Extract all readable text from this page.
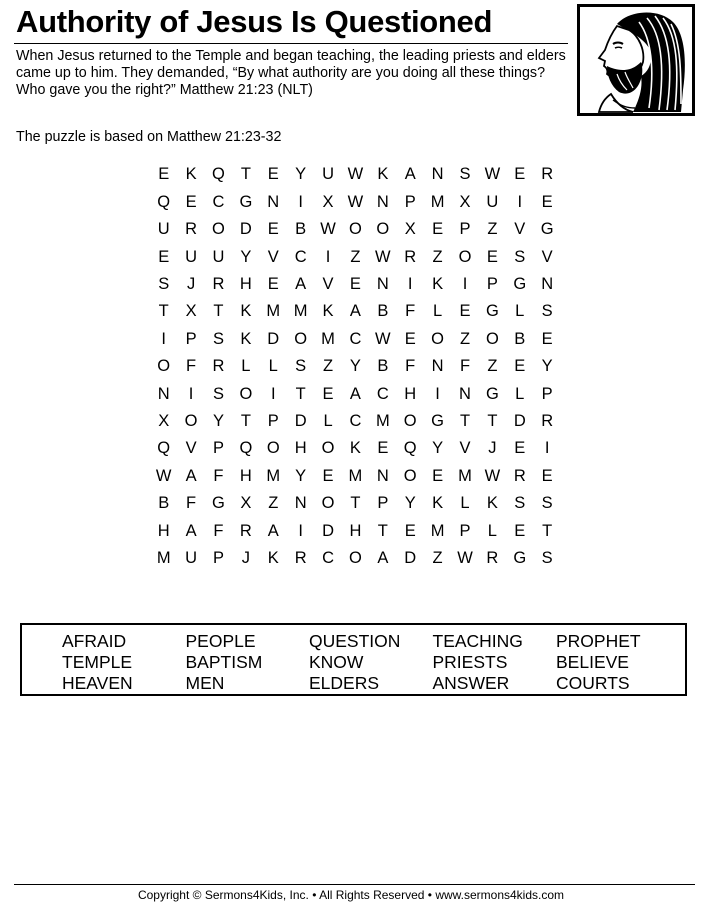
Authority of Jesus Is Questioned

When Jesus returned to the Temple and began teaching, the leading priests and elders came up to him. They demanded, “By what authority are you doing all these things? Who gave you the right?” Matthew 21:23 (NLT)

The puzzle is based on Matthew 21:23-32

E K Q T	E Y U W K A N S W E R
Q E C G N	I	X W N P M X U	I	E
U R O D E B W O O X E P	Z	V G
E U U Y V C	I	Z W R Z O E S V
S	J	R H E A V E N	I	K	I	P G N
T	X	T	K M M K A B	F	L	E G L	S
I	P S K D O M C W E O Z O B E
O F R	L	L	S	Z	Y B	F N F	Z	E Y
N	I	S O	I	T	E A C H	I	N G L	P
X O Y	T	P D	L	C M O G T	T D R
Q V P Q O H O K E Q Y V	J	E	I
W A	F H M Y E M N O E M W R E
B	F G X	Z N O T	P Y K	L	K S S
H A	F R A	I	D H T	E M P	L	E	T
M U P	J	K R C O A D Z W R G S
AFRAID	PEOPLE	QUESTION	TEACHING	PROPHET
TEMPLE	BAPTISM	KNOW	PRIESTS	BELIEVE
HEAVEN	MEN	ELDERS	ANSWER	COURTS

Copyright © Sermons4Kids, Inc. • All Rights Reserved • www.sermons4kids.com
